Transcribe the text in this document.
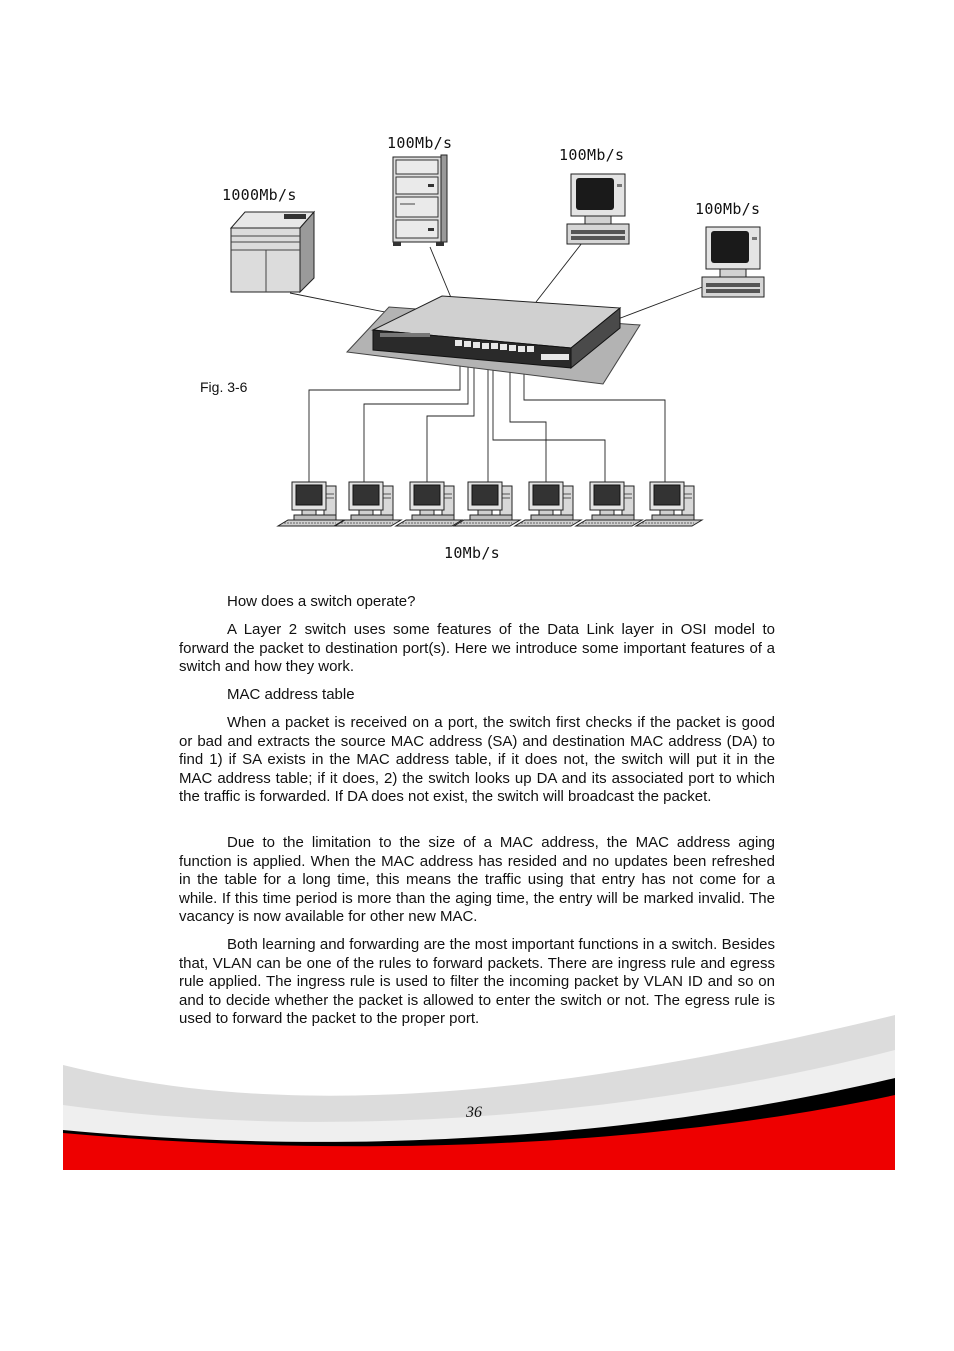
100Mb/s
100Mb/s
1000Mb/s
100Mb/s
Fig. 3-6
10Mb/s

How does a switch operate?

A Layer 2 switch uses some features of the Data Link layer in OSI model to forward the packet to destination port(s). Here we introduce some important features of a switch and how they work.

MAC address table

When a packet is received on a port, the switch first checks if the packet is good or bad and extracts the source MAC address (SA) and destination MAC address (DA) to find 1) if SA exists in the MAC address table, if it does not, the switch will put it in the MAC address table; if it does, 2) the switch looks up DA and its associated port to which the traffic is forwarded. If DA does not exist, the switch will broadcast the packet.

Due to the limitation to the size of a MAC address, the MAC address aging function is applied. When the MAC address has resided and no updates been refreshed in the table for a long time, this means the traffic using that entry has not come for a while. If this time period is more than the aging time, the entry will be marked invalid. The vacancy is now available for other new MAC.

Both learning and forwarding are the most important functions in a switch. Besides that, VLAN can be one of the rules to forward packets. There are ingress rule and egress rule applied. The ingress rule is used to filter the incoming packet by VLAN ID and so on and to decide whether the packet is allowed to enter the switch or not. The egress rule is used to forward the packet to the proper port.

36
